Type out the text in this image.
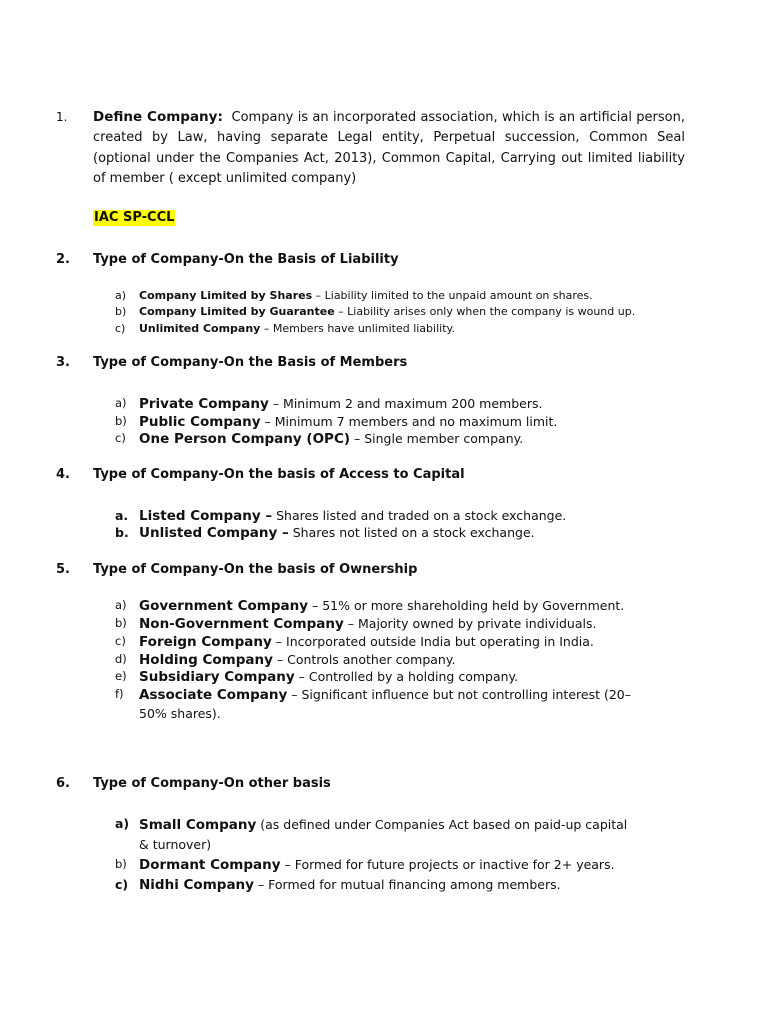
1. Define Company: Company is an incorporated association, which is an artificial person, created by Law, having separate Legal entity, Perpetual succession, Common Seal (optional under the Companies Act, 2013), Common Capital, Carrying out limited liability of member ( except unlimited company)
IAC SP-CCL
2. Type of Company-On the Basis of Liability
a)	Company Limited by Shares – Liability limited to the unpaid amount on shares.
b)	Company Limited by Guarantee – Liability arises only when the company is wound up.
c)	Unlimited Company – Members have unlimited liability.
3. Type of Company-On the Basis of Members
a) Private Company – Minimum 2 and maximum 200 members.
b) Public Company – Minimum 7 members and no maximum limit.
c) One Person Company (OPC) – Single member company.
4. Type of Company-On the basis of Access to Capital
a. Listed Company – Shares listed and traded on a stock exchange.
b. Unlisted Company – Shares not listed on a stock exchange.
5. Type of Company-On the basis of Ownership
a) Government Company – 51% or more shareholding held by Government.
b) Non-Government Company – Majority owned by private individuals.
c) Foreign Company – Incorporated outside India but operating in India.
d) Holding Company – Controls another company.
e) Subsidiary Company – Controlled by a holding company.
f)	Associate Company – Significant influence but not controlling interest (20–50% shares).
6. Type of Company-On other basis
a) Small Company (as defined under Companies Act based on paid-up capital & turnover)
b) Dormant Company – Formed for future projects or inactive for 2+ years.
c) Nidhi Company – Formed for mutual financing among members.
